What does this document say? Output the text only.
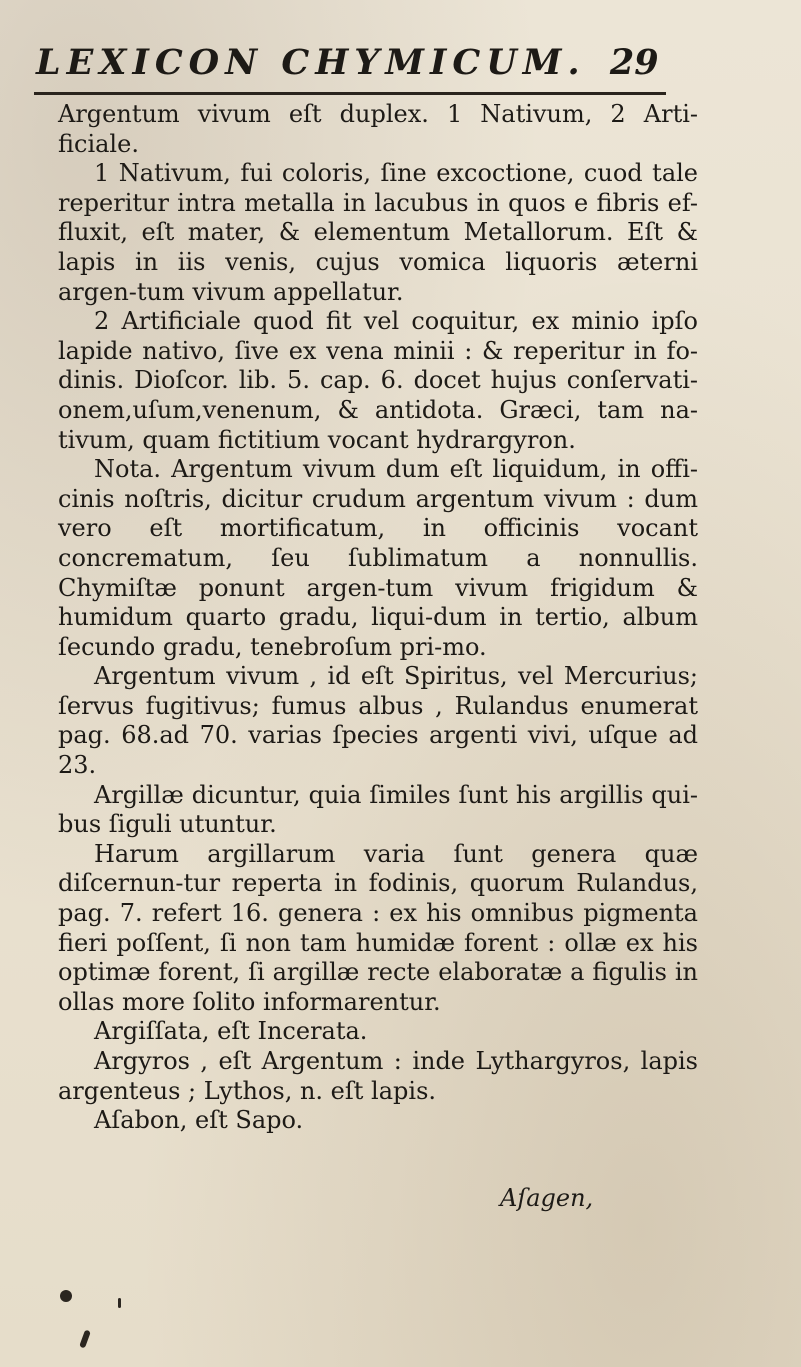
LEXICON CHYMICUM. 29

Argentum vivum eſt duplex. 1 Nativum, 2 Arti-ficiale.

1 Nativum, fui coloris, ſine excoctione, cuod tale reperitur intra metalla in lacubus in quos e fibris ef-fluxit, eſt mater, & elementum Metallorum. Eſt & lapis in iis venis, cujus vomica liquoris æterni argen-tum vivum appellatur.

2 Artificiale quod fit vel coquitur, ex minio ipſo lapide nativo, ſive ex vena minii : & reperitur in fo-dinis. Dioſcor. lib. 5. cap. 6. docet hujus conſervati-onem,uſum,venenum, & antidota. Græci, tam na-tivum, quam fictitium vocant hydrargyron.

Nota. Argentum vivum dum eſt liquidum, in offi-cinis noſtris, dicitur crudum argentum vivum : dum vero eſt mortificatum, in officinis vocant concrematum, ſeu ſublimatum a nonnullis. Chymiſtæ ponunt argen-tum vivum frigidum & humidum quarto gradu, liqui-dum in tertio, album ſecundo gradu, tenebroſum pri-mo.

Argentum vivum , id eſt Spiritus, vel Mercurius; ſervus fugitivus; fumus albus , Rulandus enumerat pag. 68.ad 70. varias ſpecies argenti vivi, uſque ad 23.

Argillæ dicuntur, quia ſimiles ſunt his argillis qui-bus ſiguli utuntur.

Harum argillarum varia ſunt genera quæ diſcernun-tur reperta in fodinis, quorum Rulandus, pag. 7. refert 16. genera : ex his omnibus pigmenta fieri poſſent, ſi non tam humidæ forent : ollæ ex his optimæ forent, ſi argillæ recte elaboratæ a figulis in ollas more ſolito informarentur.

Argiſſata, eſt Incerata.

Argyros , eſt Argentum : inde Lythargyros, lapis argenteus ; Lythos, n. eſt lapis.

Aſabon, eſt Sapo.

Aſagen,
